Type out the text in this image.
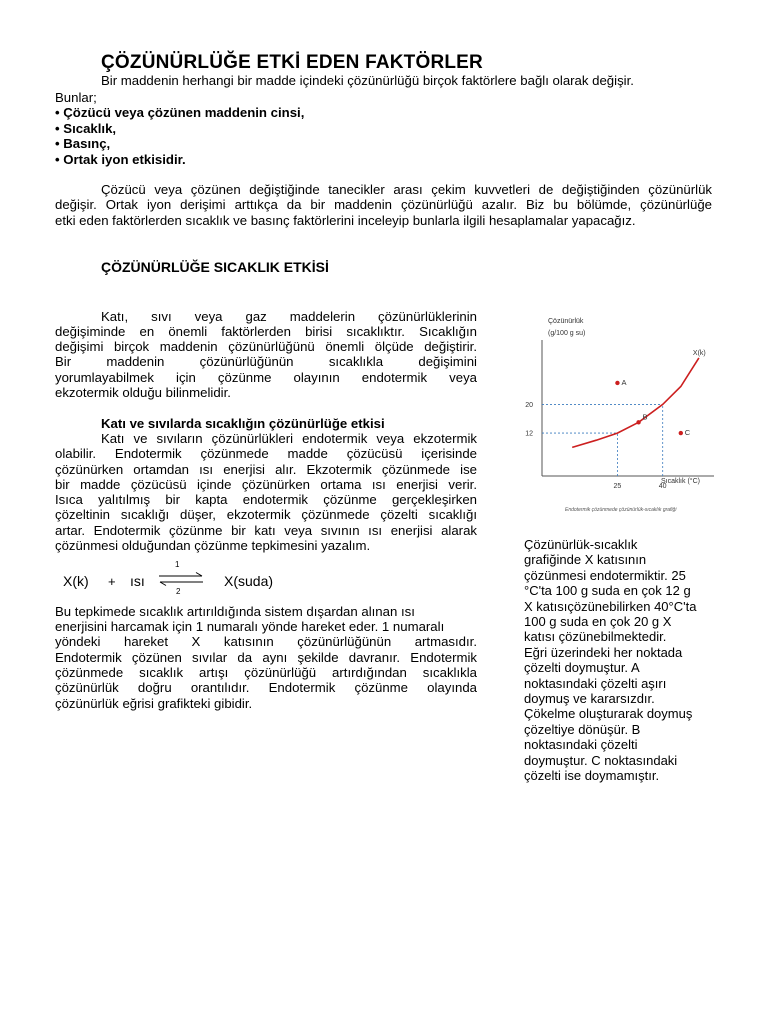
ÇÖZÜNÜRLÜĞE ETKİ EDEN FAKTÖRLER
Bir maddenin herhangi bir madde içindeki çözünürlüğü birçok faktörlere bağlı olarak değişir.
Bunlar;
• Çözücü veya çözünen maddenin cinsi,
• Sıcaklık,
• Basınç,
• Ortak iyon etkisidir.
Çözücü veya çözünen değiştiğinde tanecikler arası çekim kuvvetleri de değiştiğinden çözünürlük
değişir. Ortak iyon derişimi arttıkça da bir maddenin çözünürlüğü azalır. Biz bu bölümde, çözünürlüğe
etki eden faktörlerden sıcaklık ve basınç faktörlerini inceleyip bunlarla ilgili hesaplamalar yapacağız.
ÇÖZÜNÜRLÜĞE SICAKLIK ETKİSİ
Katı, sıvı veya gaz maddelerin çözünürlüklerinin
değişiminde en önemli faktörlerden birisi sıcaklıktır. Sıcaklığın
değişimi birçok maddenin çözünürlüğünü önemli ölçüde değiştirir.
Bir maddenin çözünürlüğünün sıcaklıkla değişimini
yorumlayabilmek için çözünme olayının endotermik veya
ekzotermik olduğu bilinmelidir.
Katı ve sıvılarda sıcaklığın çözünürlüğe etkisi
Katı ve sıvıların çözünürlükleri endotermik veya ekzotermik
olabilir. Endotermik çözünmede madde çözücüsü içerisinde
çözünürken ortamdan ısı enerjisi alır. Ekzotermik çözünmede ise
bir madde çözücüsü içinde çözünürken ortama ısı enerjisi verir.
Isıca yalıtılmış bir kapta endotermik çözünme gerçekleşirken
çözeltinin sıcaklığı düşer, ekzotermik çözünmede çözelti sıcaklığı
artar. Endotermik çözünme bir katı veya sıvının ısı enerjisi alarak
çözünmesi olduğundan çözünme tepkimesini yazalım.
X(k) + ısı
1
2
X(suda)
Bu tepkimede sıcaklık artırıldığında sistem dışardan alınan ısı
enerjisini harcamak için 1 numaralı yönde hareket eder. 1 numaralı
yöndeki hareket X katısının çözünürlüğünün artmasıdır.
Endotermik çözünen sıvılar da aynı şekilde davranır. Endotermik
çözünmede sıcaklık artışı çözünürlüğü artırdığından sıcaklıkla
çözünürlük doğru orantılıdır. Endotermik çözünme olayında
çözünürlük eğrisi grafikteki gibidir.
Çözünürlük
(g/100 g su)
X(k)
A
B
C
25	40
12
20
Sıcaklık (°C)
Endotermik çözünmede çözünürlük-sıcaklık grafiği
Çözünürlük-sıcaklık
grafiğinde X katısının
çözünmesi endotermiktir. 25
°C'ta 100 g suda en çok 12 g
X katısıçözünebilirken 40°C'ta
100 g suda en çok 20 g X
katısı çözünebilmektedir.
Eğri üzerindeki her noktada
çözelti doymuştur. A
noktasındaki çözelti aşırı
doymuş ve kararsızdır.
Çökelme oluşturarak doymuş
çözeltiye dönüşür. B
noktasındaki çözelti
doymuştur. C noktasındaki
çözelti ise doymamıştır.
